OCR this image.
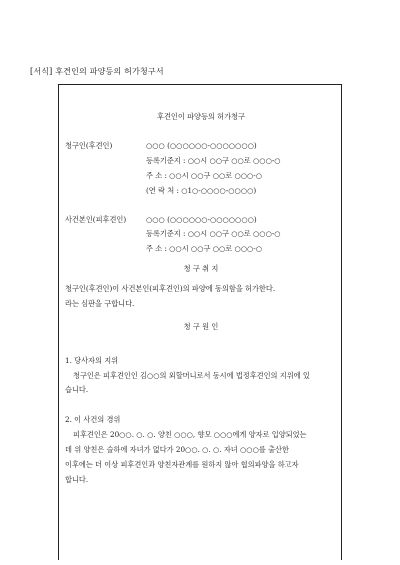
[서식] 후견인의 파양등의 허가청구서
후견인이 파양등의 허가청구
청구인(후견인)	○○○ (○○○○○○-○○○○○○○)
등록기준지 : ○○시 ○○구 ○○로 ○○○-○
주 소 : ○○시 ○○구 ○○로 ○○○-○
(연 락 처 : ○1○-○○○○-○○○○)
사건본인(피후견인)	○○○ (○○○○○○-○○○○○○○)
등록기준지 : ○○시 ○○구 ○○로 ○○○-○
주 소 : ○○시 ○○구 ○○로 ○○○-○
청 구 취 지
청구인(후견인)이 사건본인(피후견인)의 파양에 동의함을 허가한다.
라는 심판을 구합니다.
청 구 원 인
1. 당사자의 지위
청구인은 피후견인인 김○○의 외할머니로서 동시에 법정후견인의 지위에 있
습니다.
2. 이 사건의 경위
피후견인은 20○○. ○. ○. 양친 ○○○, 향모 ○○○에게 양자로 입양되었는
데 위 양친은 슬하에 자녀가 없다가 20○○. ○. ○. 자녀 ○○○를 출산한
이후에는 더 이상 피후견인과 양친자관계를 원하지 않아 협의파양을 하고자
합니다.
